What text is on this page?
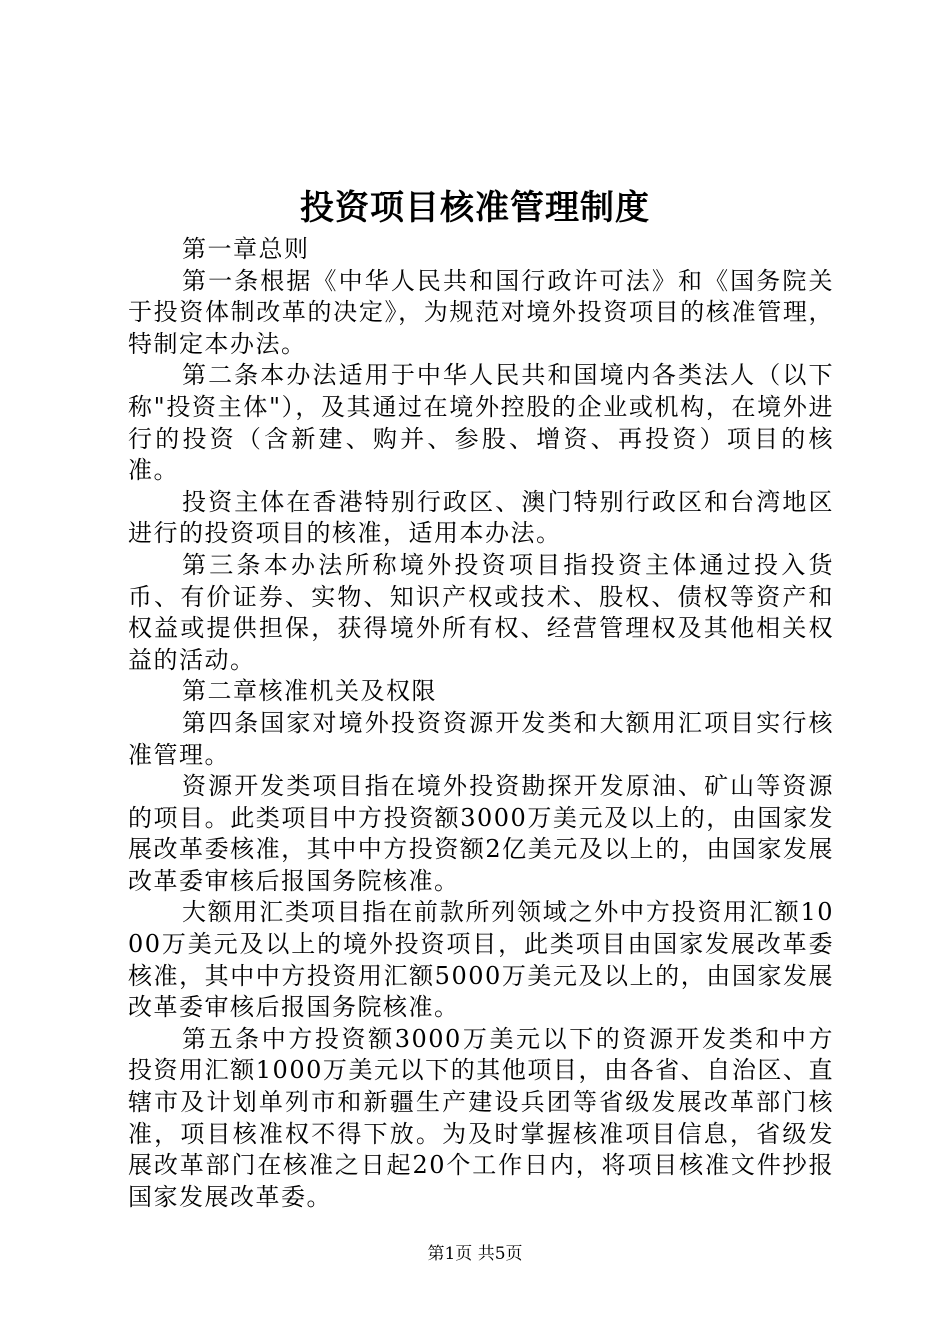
投资项目核准管理制度

第一章总则

第一条根据《中华人民共和国行政许可法》和《国务院关于投资体制改革的决定》，为规范对境外投资项目的核准管理，特制定本办法。

第二条本办法适用于中华人民共和国境内各类法人（以下称"投资主体"），及其通过在境外控股的企业或机构，在境外进行的投资（含新建、购并、参股、增资、再投资）项目的核准。

投资主体在香港特别行政区、澳门特别行政区和台湾地区进行的投资项目的核准，适用本办法。

第三条本办法所称境外投资项目指投资主体通过投入货币、有价证券、实物、知识产权或技术、股权、债权等资产和权益或提供担保，获得境外所有权、经营管理权及其他相关权益的活动。

第二章核准机关及权限

第四条国家对境外投资资源开发类和大额用汇项目实行核准管理。

资源开发类项目指在境外投资勘探开发原油、矿山等资源的项目。此类项目中方投资额3000万美元及以上的，由国家发展改革委核准，其中中方投资额2亿美元及以上的，由国家发展改革委审核后报国务院核准。

大额用汇类项目指在前款所列领域之外中方投资用汇额1000万美元及以上的境外投资项目，此类项目由国家发展改革委核准，其中中方投资用汇额5000万美元及以上的，由国家发展改革委审核后报国务院核准。

第五条中方投资额3000万美元以下的资源开发类和中方投资用汇额1000万美元以下的其他项目，由各省、自治区、直辖市及计划单列市和新疆生产建设兵团等省级发展改革部门核准，项目核准权不得下放。为及时掌握核准项目信息，省级发展改革部门在核准之日起20个工作日内，将项目核准文件抄报国家发展改革委。

第1页 共5页
